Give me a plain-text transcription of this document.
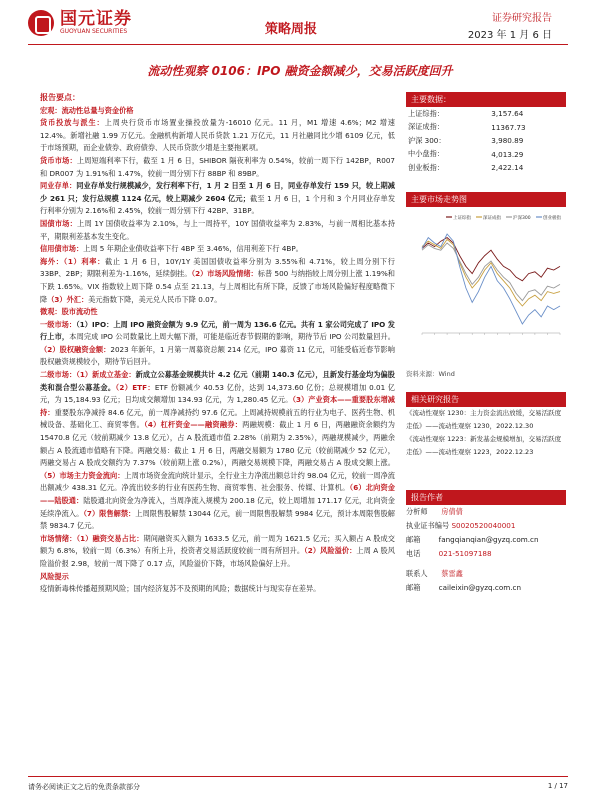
国元证券
GUOYUAN SECURITIES	策略周报
证券研究报告
2023 年 1 月 6 日
流动性观察 0106：IPO 融资金额减少，交易活跃度回升
报告要点：
宏观：流动性总量与资金价格

货币投放与派生：上周央行货币市场置业操投放量为-16010 亿元。11 月，M1 增速 4.6%；M2 增速 12.4%。新增社融 1.99 万亿元。金融机构新增人民币贷款 1.21 万亿元，11 月社融同比少增 6109 亿元，低于市场预期，而企业债券、政府债券、人民币贷款少增是主要拖累项。

货币市场：上周短端利率下行，截至 1 月 6 日，SHIBOR 隔夜利率为 0.54%，较前一周下行 142BP，R007 和 DR007 为 1.91%和 1.47%，较前一周分别下行 88BP 和 89BP。

同业存单：同业存单发行规模减少，发行利率下行，1 月 2 日至 1 月 6 日，同业存单发行 159 只，较上期减少 261 只；发行总规模 1124 亿元，较上期减少 2604 亿元；截至 1 月 6 日，1 个月和 3 个月同业存单发行利率分别为 2.16%和 2.45%，较前一周分别下行 42BP、31BP。

国债市场：上周 1Y 国债收益率为 2.10%，与上一周持平，10Y 国债收益率为 2.83%，与前一周相比基本持平，期限利差基本发生变化。

信用债市场：上周 5 年期企业债收益率下行 4BP 至 3.46%，信用利差下行 4BP。

海外：（1）利率：截止 1 月 6 日，10Y/1Y 美国国债收益率分别为 3.55%和 4.71%，较上周分别下行 33BP、2BP；期限利差为-1.16%，延续倒挂。（2）市场风险情绪：标普 500 与纳指较上周分别上涨 1.19%和下跌 1.65%。VIX 指数较上周下降 0.54 点至 21.13，与上周相比有所下降，反馈了市场风险偏好程度略微下降（3）外汇：美元指数下降，美元兑人民币下降 0.07。

微观：股市流动性

一级市场：（1）IPO：上周 IPO 融资金额为 9.9 亿元，前一周为 136.6 亿元。共有 1 家公司完成了 IPO 发行上市，本周完成 IPO 公司数量比上周大幅下滑，可能是临近春节假期的影响，期待节后 IPO 公司数量回升。（2）股权融资金额：2023 年新年，1 月第一周募资总额 214 亿元，IPO 募资 11 亿元，可能受临近春节影响股权融资规模较小，期待节后回升。

二级市场：（1）新成立基金：新成立公募基金规模共计 4.2 亿元（前期 140.3 亿元），且新发行基金均为偏股类和混合型公募基金。（2）ETF：ETF 份额减少 40.53 亿份，达到 14,373.60 亿份；总规模增加 0.01 亿元，为 15,184.93 亿元；日均成交额增加 134.93 亿元，为 1,280.45 亿元。（3）产业资本——重要股东增减持：重要股东净减持 84.6 亿元，前一周净减持约 97.6 亿元。上周减持规模前五的行业为电子、医药生物、机械设备、基础化工、商贸零售。（4）杠杆资金——融资融券：两融规模：截止 1 月 6 日，两融融资余额约为 15470.8 亿元（较前期减少 13.8 亿元），占 A 股流通市值 2.28%（前期为 2.35%），两融规模减少，两融余额占 A 股流通市值略有下降。两融交易：截止 1 月 6 日，两融交易额为 1780 亿元（较前期减少 52 亿元），两融交易占 A 股成交额约为 7.37%（较前期上涨 0.2%），两融交易规模下降，两融交易占 A 股成交额上涨。（5）市场主力资金流向：上周市场资金流向统计显示，全行业主力净流出额总计约 98.04 亿元，较前一周净流出额减少 438.31 亿元。净流出较多的行业有医药生物、商贸零售、社会服务、传媒、计算机。（6）北向资金——陆股通：陆股通北向资金为净流入，当周净流入规模为 200.18 亿元，较上周增加 171.17 亿元，北向资金延续净流入。（7）限售解禁：上周限售股解禁 13044 亿元，前一周限售股解禁 9984 亿元，预计本周限售股解禁 9834.7 亿元。

市场情绪：（1）融资交易占比：期间融资买入额为 1633.5 亿元，前一周为 1621.5 亿元；买入额占 A 股成交额为 6.8%，较前一周（6.3%）有所上升，投资者交易活跃度较前一周有所回升。（2）风险溢价：上周 A 股风险溢价报 2.98，较前一周下降了 0.17 点，风险溢价下降，市场风险偏好上升。

风险提示

疫情新毒株传播超预期风险；国内经济复苏不及预期的风险；数据统计与现实存在差异。

主要数据：
上证综指：	3,157.64
深证成指：	11367.73
沪深 300：	3,980.89
中小盘指：	4,013.29
创业板指：	2,422.14
主要市场走势图
上证综指	深证成指	沪深300	创业板指
资料来源：Wind
相关研究报告
《流动性观察 1230：主力资金流出放缓，交易活跃度走低》——流动性观察 1230，2022.12.30
《流动性观察 1223：新发基金规模增加，交易活跃度走低》——流动性观察 1223，2022.12.23
报告作者
分析师 房倩倩
执业证书编号 S0020520040001
邮箱	fangqianqian@gyzq.com.cn
电话	021-51097188
联系人 蔡雷鑫
邮箱	caileixin@gyzq.com.cn
请务必阅读正文之后的免责条款部分	1 / 17
